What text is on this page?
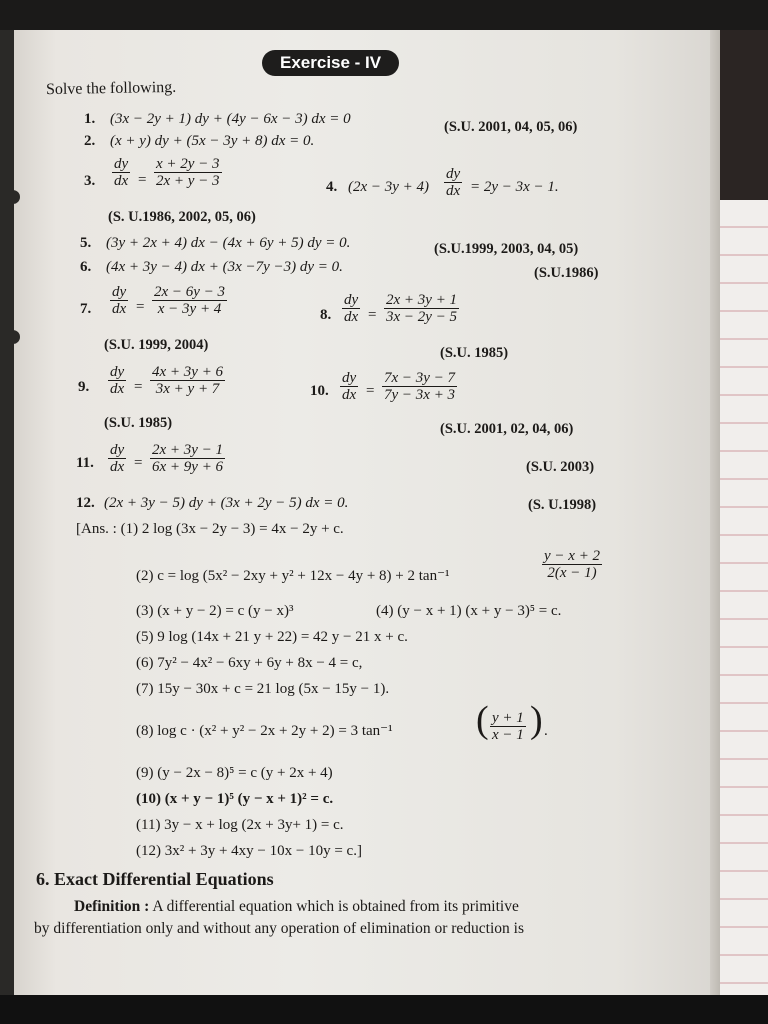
Exercise - IV
Solve the following.
1. (3x − 2y + 1) dy + (4y − 6x − 3) dx = 0
2. (x + y) dy + (5x − 3y + 8) dx = 0.
(S.U. 2001, 04, 05, 06)
3. $\frac{dy}{dx} = \frac{x + 2y - 3}{2x + y - 3}$	4. $(2x - 3y + 4) \frac{dy}{dx} = 2y - 3x - 1$.
(S. U.1986, 2002, 05, 06)
5. (3y + 2x + 4) dx − (4x + 6y + 5) dy = 0.	(S.U.1999, 2003, 04, 05)
6. (4x + 3y − 4) dx + (3x −7y −3) dy = 0.	(S.U.1986)
7. $\frac{dy}{dx} = \frac{2x - 6y - 3}{x - 3y + 4}$	8. $\frac{dy}{dx} = \frac{2x + 3y + 1}{3x - 2y - 5}$
(S.U. 1999, 2004)	(S.U. 1985)
9. $\frac{dy}{dx} = \frac{4x + 3y + 6}{3x + y + 7}$	10. $\frac{dy}{dx} = \frac{7x - 3y - 7}{7y - 3x + 3}$
(S.U. 1985)	(S.U. 2001, 02, 04, 06)
11. $\frac{dy}{dx} = \frac{2x + 3y - 1}{6x + 9y + 6}$	(S.U. 2003)
12. (2x + 3y − 5) dy + (3x + 2y − 5) dx = 0.	(S. U.1998)
[Ans. : (1) 2 log (3x − 2y − 3) = 4x − 2y + c.
(2) c = log (5x² − 2xy + y² + 12x − 4y + 8) + 2 tan⁻¹	$\frac{y - x + 2}{2(x - 1)}$
(3) (x + y − 2) = c (y − x)³	(4) (y − x + 1) (x + y − 3)⁵ = c.
(5) 9 log (14x + 21 y + 22) = 42 y − 21 x + c.
(6) 7y² − 4x² − 6xy + 6y + 8x − 4 = c,
(7) 15y − 30x + c = 21 log (5x − 15y − 1).
(8) log c · (x² + y² − 2x + 2y + 2) = 3 tan⁻¹ ( $\frac{y + 1}{x - 1}$ ) .
(9) (y − 2x − 8)⁵ = c (y + 2x + 4)
(10) (x + y − 1)⁵ (y − x + 1)² = c.
(11) 3y − x + log (2x + 3y+ 1) = c.
(12) 3x² + 3y + 4xy − 10x − 10y = c.]
6. Exact Differential Equations
Definition : A differential equation which is obtained from its primitive
by differentiation only and without any operation of elimination or reduction is
